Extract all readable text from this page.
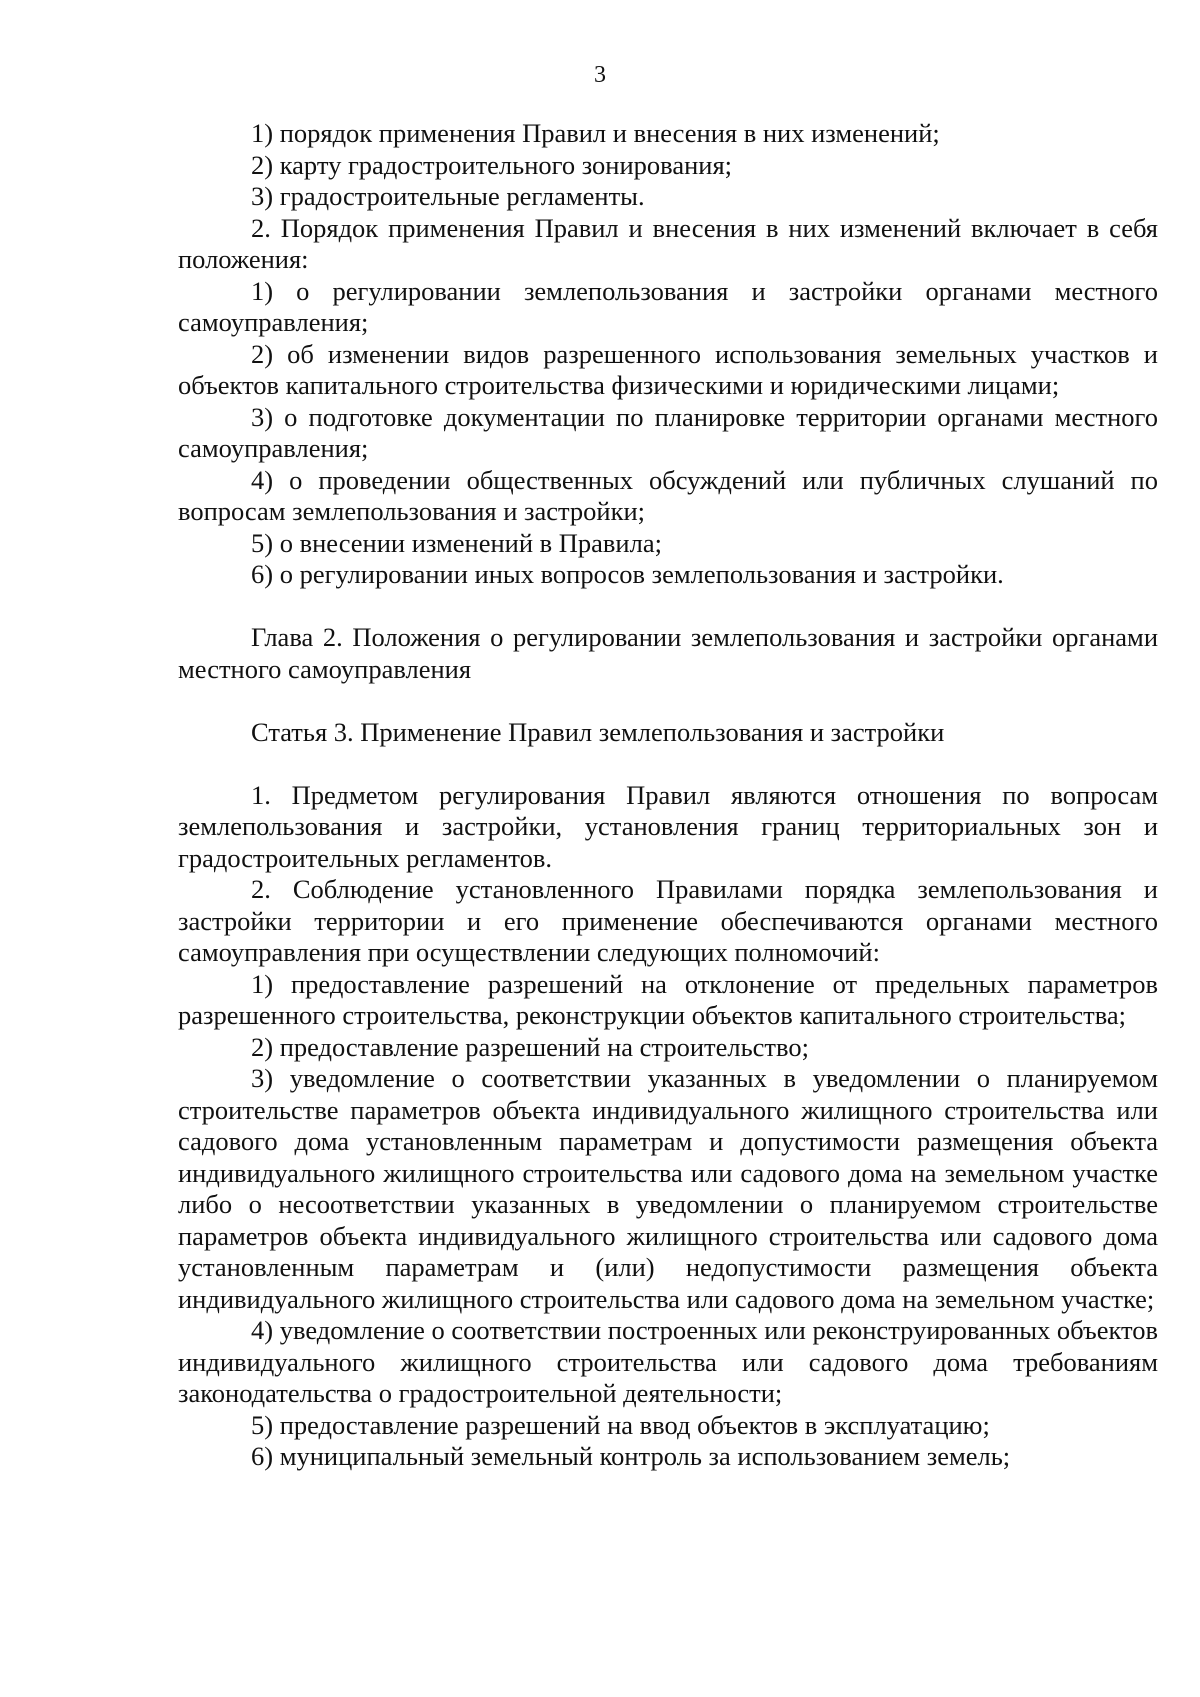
3

1) порядок применения Правил и внесения в них изменений;

2) карту градостроительного зонирования;

3) градостроительные регламенты.

2. Порядок применения Правил и внесения в них изменений включает в себя положения:

1) о регулировании землепользования и застройки органами местного самоуправления;

2) об изменении видов разрешенного использования земельных участков и объектов капитального строительства физическими и юридическими лицами;

3) о подготовке документации по планировке территории органами местного самоуправления;

4) о проведении общественных обсуждений или публичных слушаний по вопросам землепользования и застройки;

5) о внесении изменений в Правила;

6) о регулировании иных вопросов землепользования и застройки.

Глава 2. Положения о регулировании землепользования и застройки органами местного самоуправления

Статья 3. Применение Правил землепользования и застройки

1. Предметом регулирования Правил являются отношения по вопросам землепользования и застройки, установления границ территориальных зон и градостроительных регламентов.

2. Соблюдение установленного Правилами порядка землепользования и застройки территории и его применение обеспечиваются органами местного самоуправления при осуществлении следующих полномочий:

1) предоставление разрешений на отклонение от предельных параметров разрешенного строительства, реконструкции объектов капитального строительства;

2) предоставление разрешений на строительство;

3) уведомление о соответствии указанных в уведомлении о планируемом строительстве параметров объекта индивидуального жилищного строительства или садового дома установленным параметрам и допустимости размещения объекта индивидуального жилищного строительства или садового дома на земельном участке либо о несоответствии указанных в уведомлении о планируемом строительстве параметров объекта индивидуального жилищного строительства или садового дома установленным параметрам и (или) недопустимости размещения объекта индивидуального жилищного строительства или садового дома на земельном участке;

4) уведомление о соответствии построенных или реконструированных объектов индивидуального жилищного строительства или садового дома требованиям законодательства о градостроительной деятельности;

5) предоставление разрешений на ввод объектов в эксплуатацию;

6) муниципальный земельный контроль за использованием земель;
